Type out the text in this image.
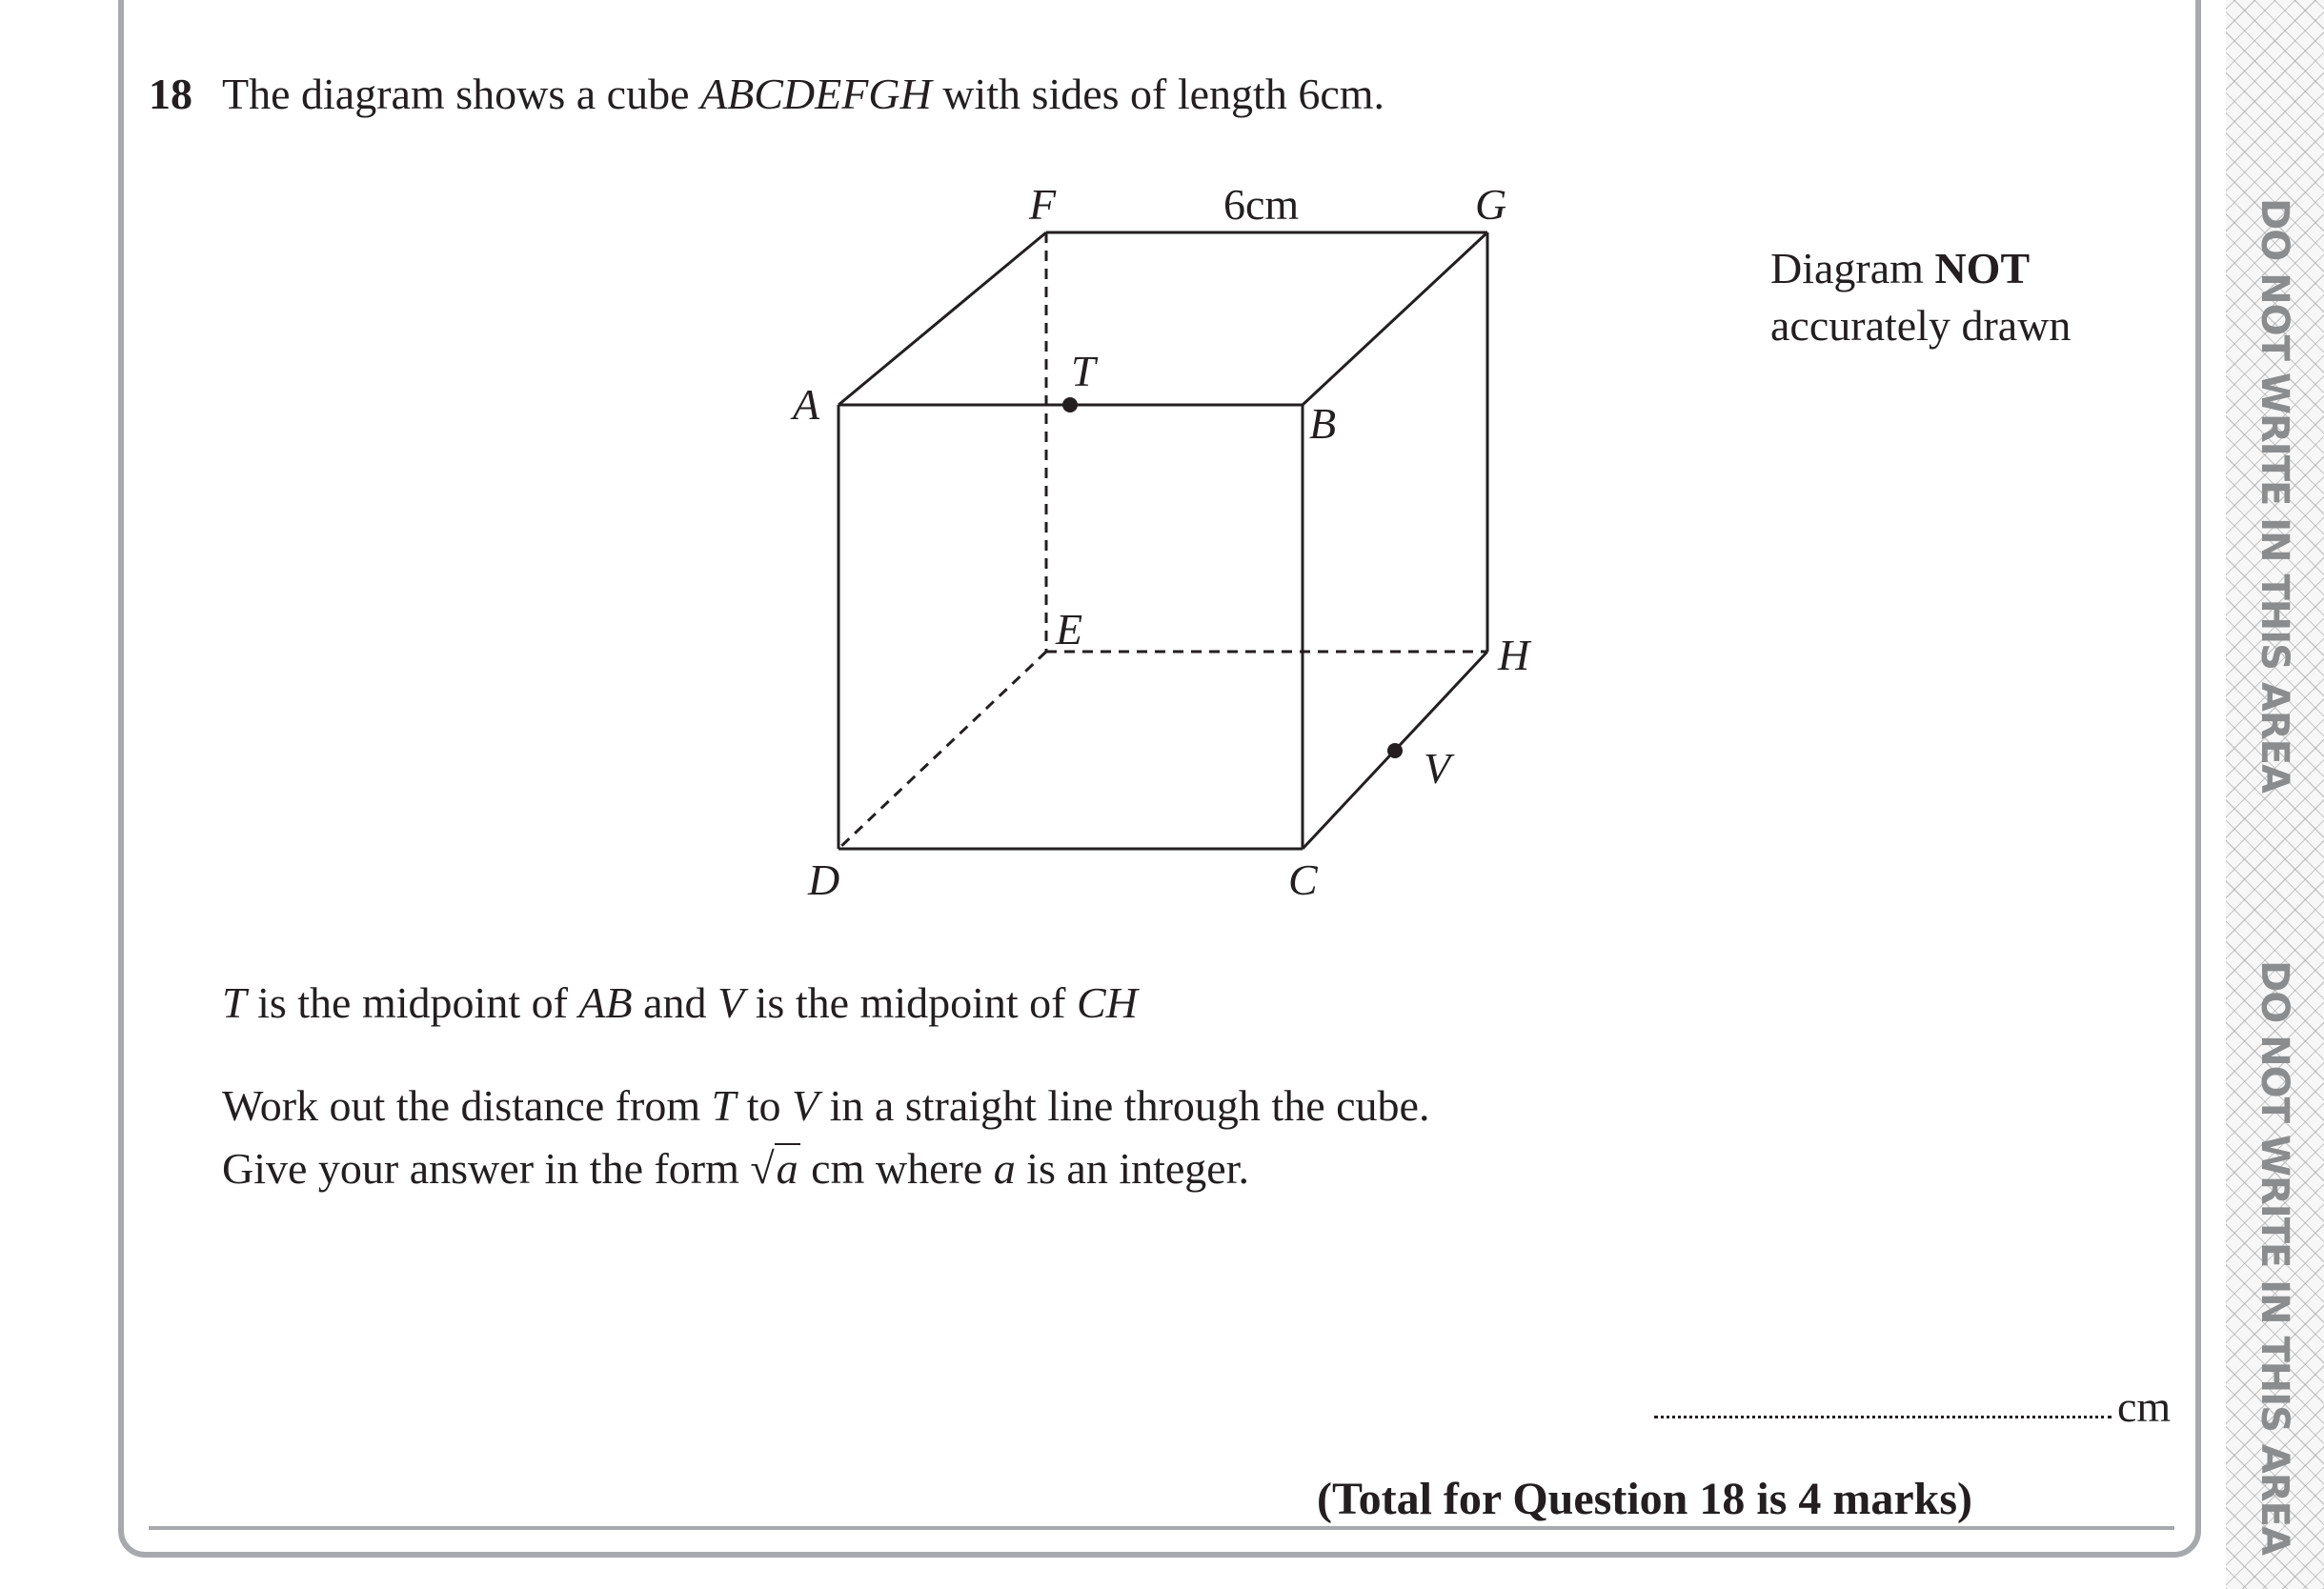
DO NOT WRITE IN THIS AREA
DO NOT WRITE IN THIS AREA
18 The diagram shows a cube ABCDEFGH with sides of length 6cm.
Diagram NOT
accurately drawn
F	6cm	G
A
T
B
E
H
V
D	C
T is the midpoint of AB and V is the midpoint of CH
Work out the distance from T to V in a straight line through the cube.
Give your answer in the form √a cm where a is an integer.
cm
(Total for Question 18 is 4 marks)
